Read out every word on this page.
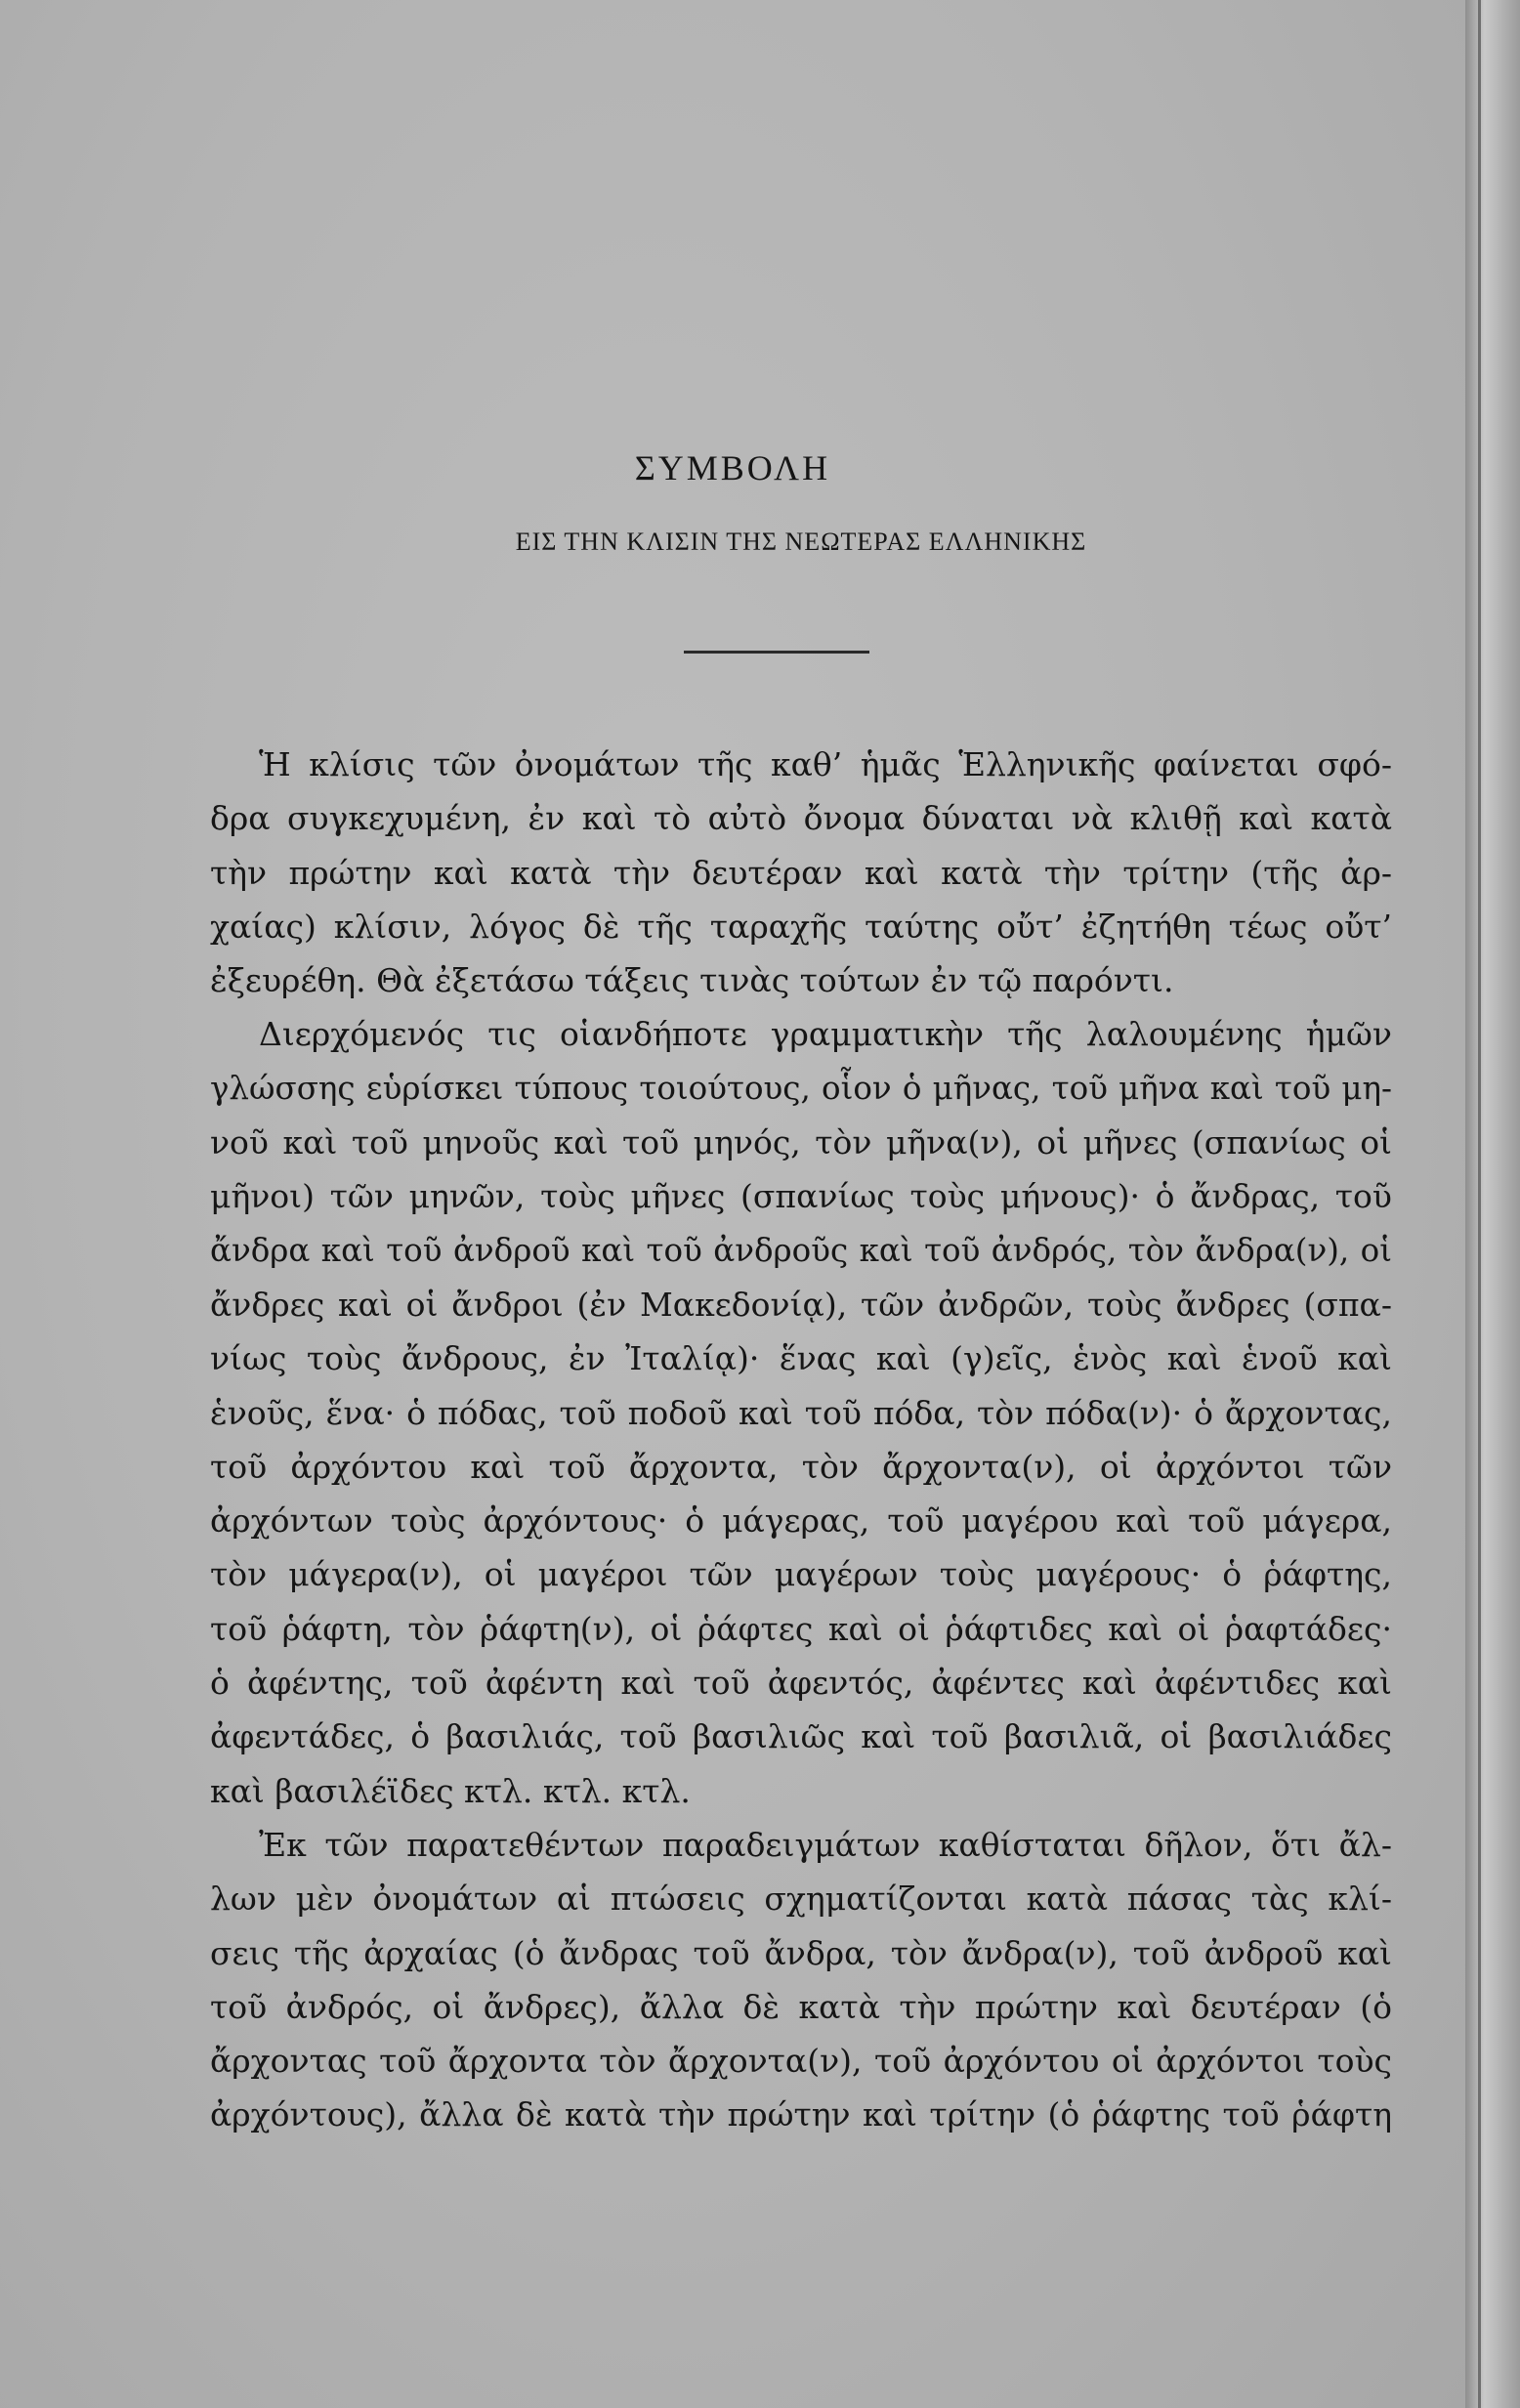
ΣΥΜΒΟΛΗ
ΕΙΣ ΤΗΝ ΚΛΙΣΙΝ ΤΗΣ ΝΕΩΤΕΡΑΣ ΕΛΛΗΝΙΚΗΣ
Ἡ κλίσις τῶν ὀνομάτων τῆς καθ’ ἡμᾶς Ἑλληνικῆς φαίνεται σφό-
δρα συγκεχυμένη, ἐν καὶ τὸ αὐτὸ ὄνομα δύναται νὰ κλιθῇ καὶ κατὰ
τὴν πρώτην καὶ κατὰ τὴν δευτέραν καὶ κατὰ τὴν τρίτην (τῆς ἀρ-
χαίας) κλίσιν, λόγος δὲ τῆς ταραχῆς ταύτης οὔτ’ ἐζητήθη τέως οὔτ’
ἐξευρέθη. Θὰ ἐξετάσω τάξεις τινὰς τούτων ἐν τῷ παρόντι.
Διερχόμενός τις οἱανδήποτε γραμματικὴν τῆς λαλουμένης ἡμῶν
γλώσσης εὑρίσκει τύπους τοιούτους, οἷον ὁ μῆνας, τοῦ μῆνα καὶ τοῦ μη-
νοῦ καὶ τοῦ μηνοῦς καὶ τοῦ μηνός, τὸν μῆνα(ν), οἱ μῆνες (σπανίως οἱ
μῆνοι) τῶν μηνῶν, τοὺς μῆνες (σπανίως τοὺς μήνους)· ὁ ἄνδρας, τοῦ
ἄνδρα καὶ τοῦ ἀνδροῦ καὶ τοῦ ἀνδροῦς καὶ τοῦ ἀνδρός, τὸν ἄνδρα(ν), οἱ
ἄνδρες καὶ οἱ ἄνδροι (ἐν Μακεδονίᾳ), τῶν ἀνδρῶν, τοὺς ἄνδρες (σπα-
νίως τοὺς ἄνδρους, ἐν Ἰταλίᾳ)· ἕνας καὶ (γ)εῖς, ἑνὸς καὶ ἑνοῦ καὶ
ἑνοῦς, ἕνα· ὁ πόδας, τοῦ ποδοῦ καὶ τοῦ πόδα, τὸν πόδα(ν)· ὁ ἄρχοντας,
τοῦ ἀρχόντου καὶ τοῦ ἄρχοντα, τὸν ἄρχοντα(ν), οἱ ἀρχόντοι τῶν
ἀρχόντων τοὺς ἀρχόντους· ὁ μάγερας, τοῦ μαγέρου καὶ τοῦ μάγερα,
τὸν μάγερα(ν), οἱ μαγέροι τῶν μαγέρων τοὺς μαγέρους· ὁ ῥάφτης,
τοῦ ῥάφτη, τὸν ῥάφτη(ν), οἱ ῥάφτες καὶ οἱ ῥάφτιδες καὶ οἱ ῥαφτάδες·
ὁ ἀφέντης, τοῦ ἀφέντη καὶ τοῦ ἀφεντός, ἀφέντες καὶ ἀφέντιδες καὶ
ἀφεντάδες, ὁ βασιλιάς, τοῦ βασιλιῶς καὶ τοῦ βασιλιᾶ, οἱ βασιλιάδες
καὶ βασιλέϊδες κτλ. κτλ. κτλ.
Ἐκ τῶν παρατεθέντων παραδειγμάτων καθίσταται δῆλον, ὅτι ἄλ-
λων μὲν ὀνομάτων αἱ πτώσεις σχηματίζονται κατὰ πάσας τὰς κλί-
σεις τῆς ἀρχαίας (ὁ ἄνδρας τοῦ ἄνδρα, τὸν ἄνδρα(ν), τοῦ ἀνδροῦ καὶ
τοῦ ἀνδρός, οἱ ἄνδρες), ἄλλα δὲ κατὰ τὴν πρώτην καὶ δευτέραν (ὁ
ἄρχοντας τοῦ ἄρχοντα τὸν ἄρχοντα(ν), τοῦ ἀρχόντου οἱ ἀρχόντοι τοὺς
ἀρχόντους), ἄλλα δὲ κατὰ τὴν πρώτην καὶ τρίτην (ὁ ῥάφτης τοῦ ῥάφτη
